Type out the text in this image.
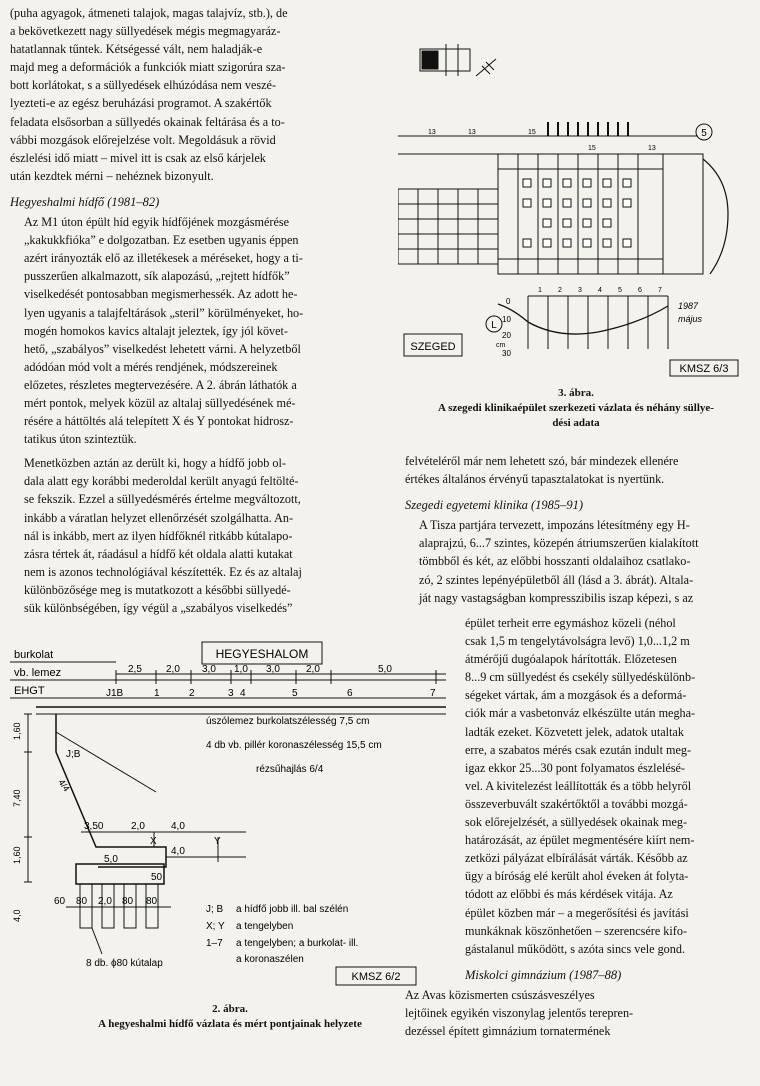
(puha agyagok, átmeneti talajok, magas talajvíz, stb.), de

a bekövetkezett nagy süllyedések mégis megmagyaráz-

hatatlannak tűntek. Kétségessé vált, nem haladják-e

majd meg a deformációk a funkciók miatt szigorúra sza-

bott korlátokat, s a süllyedések elhúzódása nem veszé-

lyezteti-e az egész beruházási programot. A szakértők

feladata elsősorban a süllyedés okainak feltárása és a to-

vábbi mozgások előrejelzése volt. Megoldásuk a rövid

észlelési idő miatt – mivel itt is csak az első kárjelek

után kezdtek mérni – nehéznek bizonyult.

Hegyeshalmi hídfő (1981–82)

Az M1 úton épült híd egyik hídfőjének mozgásmérése

„kakukkfióka” e dolgozatban. Ez esetben ugyanis éppen

azért irányozták elő az illetékesek a méréseket, hogy a ti-

pusszerűen alkalmazott, sík alapozású, „rejtett hídfők”

viselkedését pontosabban megismerhessék. Az adott he-

lyen ugyanis a talajfeltárások „steril” körülményeket, ho-

mogén homokos kavics altalajt jeleztek, így jól követ-

hető, „szabályos” viselkedést lehetett várni. A helyzetből

adódóan mód volt a mérés rendjének, módszereinek

előzetes, részletes megtervezésére. A 2. ábrán láthatók a

mért pontok, melyek közül az altalaj süllyedésének mé-

résére a háttöltés alá telepített X és Y pontokat hidrosz-

tatikus úton szinteztük.

Menetközben aztán az derült ki, hogy a hídfő jobb ol-

dala alatt egy korábbi mederoldal került anyagú feltölté-

se fekszik. Ezzel a süllyedésmérés értelme megváltozott,

inkább a váratlan helyzet ellenőrzését szolgálhatta. An-

nál is inkább, mert az ilyen hídfőknél ritkább kútalapo-

zásra tértek át, ráadásul a hídfő két oldala alatti kutakat

nem is azonos technológiával készítették. Ez és az altalaj

különbözősége meg is mutatkozott a későbbi süllyedé-

sük különbségében, így végül a „szabályos viselkedés”

5
L
SZEGED
KMSZ 6/3
1987
május
0
10
20
30
cm
1 2 3 4 5 6 7
13	13	15
15	13
3. ábra.
A szegedi klinikaépület szerkezeti vázlata és néhány süllye-
dési adata

felvételéről már nem lehetett szó, bár mindezek ellenére

értékes általános érvényű tapasztalatokat is nyertünk.

Szegedi egyetemi klinika (1985–91)

A Tisza partjára tervezett, impozáns létesítmény egy H-

alaprajzú, 6...7 szintes, közepén átriumszerűen kialakított

tömbből és két, az előbbi hosszanti oldalaihoz csatlako-

zó, 2 szintes lepényépületből áll (lásd a 3. ábrát). Altala-

ját nagy vastagságban kompresszibilis iszap képezi, s az

épület terheit erre egymáshoz közeli (néhol

csak 1,5 m tengelytávolságra levő) 1,0...1,2 m

átmérőjű dugóalapok hárították. Előzetesen

8...9 cm süllyedést és csekély süllyedéskülönb-

ségeket vártak, ám a mozgások és a deformá-

ciók már a vasbetonváz elkészülte után megha-

ladták ezeket. Közvetett jelek, adatok utaltak

erre, a szabatos mérés csak ezután indult meg-

igaz ekkor 25...30 pont folyamatos észlelésé-

vel. A kivitelezést leállították és a több helyről

összeverbuvált szakértőktől a további mozgá-

sok előrejelzését, a süllyedések okainak meg-

határozását, az épület megmentésére kiírt nem-

zetközi pályázat elbírálását várták. Később az

ügy a bíróság elé került ahol éveken át folyta-

tódott az előbbi és más kérdések vitája. Az

épület közben már – a megerősítési és javítási

munkáknak köszönhetően – szerencsére kifo-

gástalanul működött, s azóta sincs vele gond.

Miskolci gimnázium (1987–88)

Az Avas közismerten csúszásveszélyes

lejtőinek egyikén viszonylag jelentős terepren-

dezéssel épített gimnázium tornatermének

HEGYESHALOM
KMSZ 6/2
burkolat
vb. lemez
EHGT
2,5 2,0 3,0 1,0 3,0	2,0	5,0
J1B	1	2	3 4	5	6	7
1,60
7,40
1,60
4,0
J;B
4/4
3,50	2,0	4,0
X	Y
5,0
4,0
50
60 80 2,0 80 80
8 db. ϕ80 kútalap
úszólemez burkolatszélesség 7,5 cm
4 db vb. pillér koronaszélesség 15,5 cm
rézsűhajlás 6/4
J; B a hídfő jobb ill. bal szélén
X; Y a tengelyben
1–7 a tengelyben; a burkolat- ill.
a koronaszélen
2. ábra.
A hegyeshalmi hídfő vázlata és mért pontjainak helyzete
